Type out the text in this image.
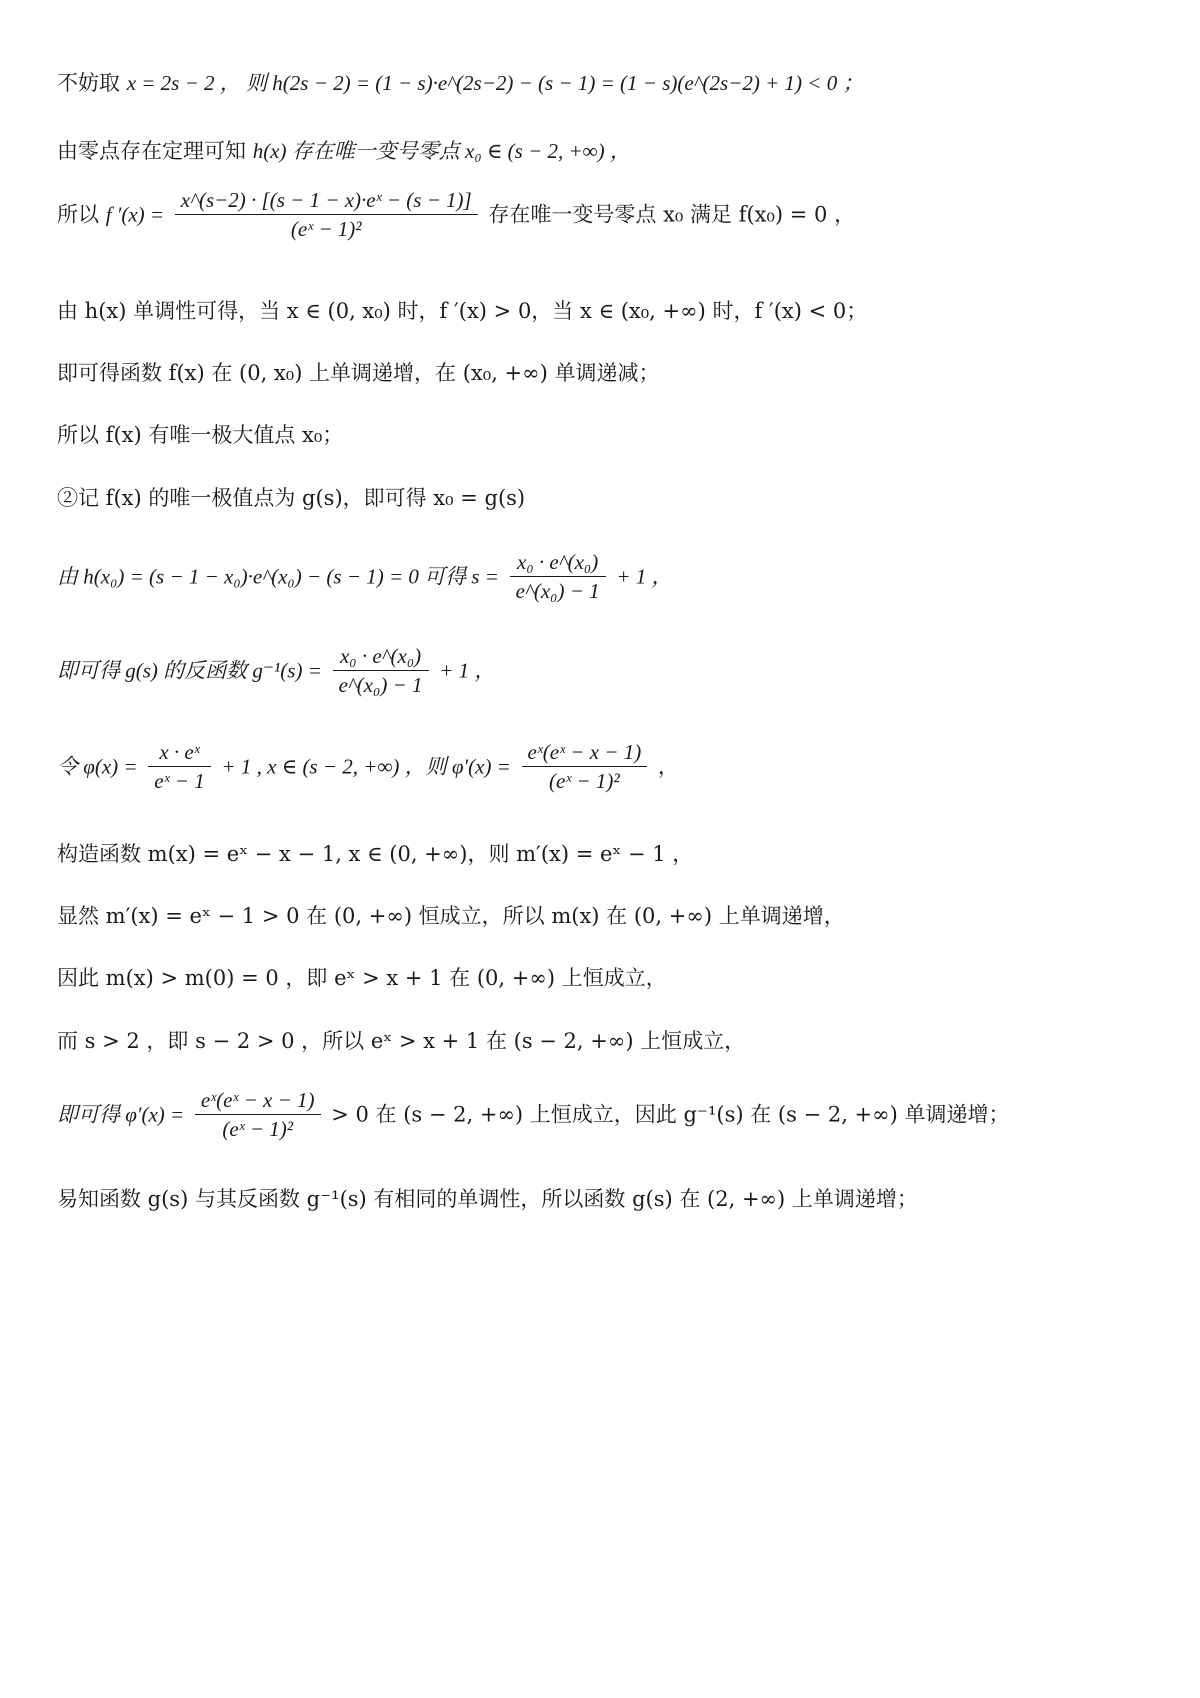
不妨取 x = 2s − 2 ， 则 h(2s − 2) = (1 − s)·e^(2s−2) − (s − 1) = (1 − s)(e^(2s−2) + 1) < 0 ；
由零点存在定理可知 h(x) 存在唯一变号零点 x₀ ∈ (s − 2, +∞) ，
所以 f $'(x) = \frac{\text{x\textasciicircum{}(s−2) · [(s − 1 − x)·eˣ − (s − 1)]}}{\text{(eˣ − 1)²}}$ 存在唯一变号零点 x₀ 满足 f(x₀) = 0 ，
由 h(x) 单调性可得，当 x ∈ (0, x₀) 时，f ′(x) > 0，当 x ∈ (x₀, +∞) 时，f ′(x) < 0；
即可得函数 f(x) 在 (0, x₀) 上单调递增，在 (x₀, +∞) 单调递减；
所以 f(x) 有唯一极大值点 x₀；
②记 f(x) 的唯一极值点为 g(s)，即可得 x₀ = g(s)
由 h(x₀) = (s − 1 − x₀)·e^(x₀) − (s − 1) = 0 可得 $s = \frac{\text{x₀ · e\textasciicircum{}(x₀)}}{\text{e\textasciicircum{}(x₀) − 1}} + 1$ ，
即可得 g(s) 的反函数 $g^{-1}(s) = \frac{\text{x₀ · e\textasciicircum{}(x₀)}}{\text{e\textasciicircum{}(x₀) − 1}} + 1$ ，
令 $\varphi(x) = \frac{\text{x · eˣ}}{\text{eˣ − 1}} + 1$ , x ∈ (s − 2, +∞) ，则 $\varphi'(x) = \frac{\text{eˣ(eˣ − x − 1)}}{\text{(eˣ − 1)²}}$ ，
构造函数 m(x) = eˣ − x − 1, x ∈ (0, +∞)，则 m′(x) = eˣ − 1 ，
显然 m′(x) = eˣ − 1 > 0 在 (0, +∞) 恒成立，所以 m(x) 在 (0, +∞) 上单调递增，
因此 m(x) > m(0) = 0 ，即 eˣ > x + 1 在 (0, +∞) 上恒成立，
而 s > 2 ，即 s − 2 > 0 ，所以 eˣ > x + 1 在 (s − 2, +∞) 上恒成立，
即可得 $\varphi'(x) = \frac{\text{eˣ(eˣ − x − 1)}}{\text{(eˣ − 1)²}} > 0$ 在 (s − 2, +∞) 上恒成立，因此 g⁻¹(s) 在 (s − 2, +∞) 单调递增；
易知函数 g(s) 与其反函数 g⁻¹(s) 有相同的单调性，所以函数 g(s) 在 (2, +∞) 上单调递增；
